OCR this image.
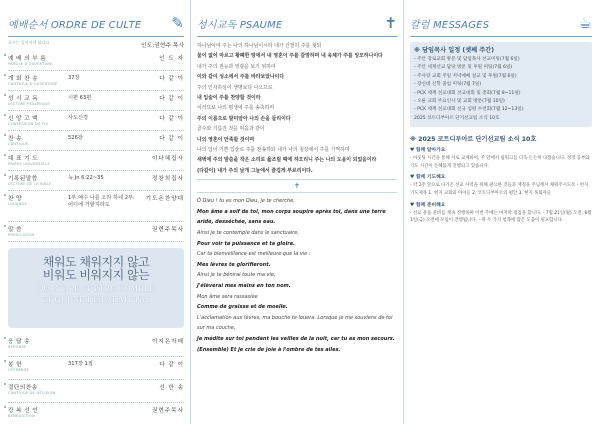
예배순서 ORDRE DE CULTE ✎
표시는 일어서서 합니다
인도:권현주 목사
예 배 의 부 름
PAROLE D'OUVERTURE
인 도 자
개 회 찬 송
CANTIQUE D'OUVERTURE
37장	다 같 이
성 시 교 독
LECTURE PSALMIQUE
시편 63편	다 같 이
신 앙 고 백
CONFESSION DE FOI
사도신경	다 같 이
찬 송
CANTIQUE
526장	다 같 이
대 표 기 도
PRIÈRE UNIVERSELLE
이다혜집사
기록된말씀
LECTURE DE LA BIBLE
눅 Jn 6:22~35	정찬희집사
찬 양
LOUANGE
1부:예수 나를 오라 하네 2부:어디에 거할지라도
기도온찬양대
말 씀
PRÉDICATION
권현주목사
채워도 채워지지 않고
비워도 비워지지 않는
QUI NE PEUT ÊTRE COMBLÉ
ET QUI NE DISPARAÎT PAS
응 답 송
RÉPONSE
이지은자매
봉 헌
OFFRANDE
317장 1절	다 같 이
결단의찬송
CANTIQUE DE DÉCISION
선 한 송
강 복 선 언
BÉNÉDICTION
권현주목사
성시교독 PSAUME	✝
하나님이여 주는 나의 하나님이시라 내가 간절히 주를 찾되
물이 없어 마르고 황폐한 땅에서 내 영혼이 주를 갈망하며 내 육체가 주를 앙모하나이다
내가 주의 권능과 영광을 보기 위하여
이와 같이 성소에서 주를 바라보았나이다
주의 인자하심이 생명보다 나으므로
내 입술이 주를 찬양할 것이라
이러므로 나의 평생에 주를 송축하며
주의 이름으로 말미암아 나의 손을 들리이다
골수와 기름진 것을 먹음과 같이
나의 영혼이 만족할 것이며
나의 입이 기쁜 입술로 주를 찬송하되 내가 나의 침상에서 주를 기억하며
새벽에 주의 말씀을 작은 소리로 읊조릴 때에 하오리니 주는 나의 도움이 되었음이라
(다같이) 내가 주의 날개 그늘에서 즐겁게 부르리이다.
✝
Ô Dieu ! tu es mon Dieu, je te cherche,
Mon âme a soif de toi, mon corps soupire après toi, dans une terre aride, desséchée, sans eau.
Ainsi je te contemple dans le sanctuaire,
Pour voir ta puissance et ta gloire.
Car ta bienveillance est meilleure que la vie :
Mes lèvres te glorifieront.
Ainsi je te bénirai toute ma vie,
J'élèverai mes mains en ton nom.
Mon âme sera rassasiée
Comme de graisse et de moelle.
L'acclamation aux lèvres, ma bouche te louera. Lorsque je me souviens de toi sur ma couche,
Je médite sur toi pendant les veilles de la nuit, car tu es mon secours.
(Ensemble) Et je crie de joie à l'ombre de tes ailes.
칼럼 MESSAGES	☕
※ 담임목사 일정 (셋째 주간)
- 주안 장로교회 방문 및 담임목사 선교미팅(7월 6일)
- 주안 세계선교 담당 방문 및 후원 미팅(7월 6일)
- 주사랑 교회 주일 저녁예배 설교 및 후원(7월 6일)
- 장신대 신학 졸업 미팅(7월 7일)
- PCK 세계 선교대회 선교대회 및 총회(7월 8~11일)
- 오륜 교회 주요인사 및 교회 방문(7월 10일)
- PCK 세계 선교대회 신규 임원 수련회(7월 12~13일)
2025 코트디부아르 단기선교팀 소식 10호
※ 2025 코트디부아르 단기선교팀 소식 10호
♥ 함께 알아가요
- 아웃팅 시간을 통해 서로 교제하며, 주 안에서 팀워크를 더욱 든든히 다졌습니다. 성경 공부와 기도 시간이 은혜롭게 진행되고 있습니다.
♥ 함께 기도해요
- 약 2주 앞으로 다가온 선교 사역을 위해 필요한 것들과 재정을 주님께서 채워주시도록 - 현지 기도제목 1. 현지 교회와 아이들 2. 코트디부아르의 평안 3. 현지 목회자들
♥ 함께 준비해요
- 선교 물품 준비를 계속 진행하며 이번 주에는 마지막 점검을 합니다. - 7월 21일(월) 오전, 8월 1일(금) 오전에 모임이 진행됩니다. - 위 두 가지 항목에 많은 도움이 필요합니다.
